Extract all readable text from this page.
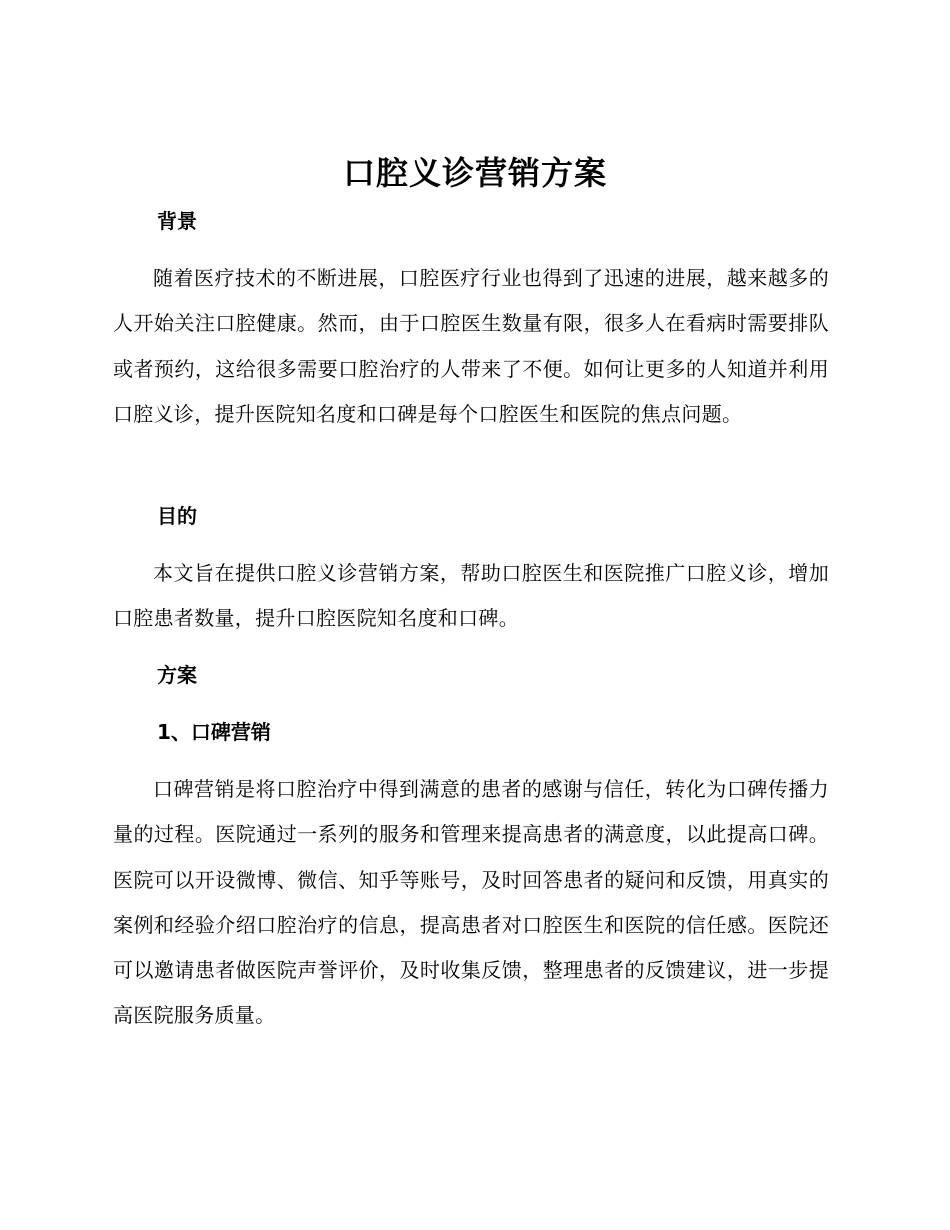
口腔义诊营销方案
背景
随着医疗技术的不断进展，口腔医疗行业也得到了迅速的进展，越来越多的人开始关注口腔健康。然而，由于口腔医生数量有限，很多人在看病时需要排队或者预约，这给很多需要口腔治疗的人带来了不便。如何让更多的人知道并利用口腔义诊，提升医院知名度和口碑是每个口腔医生和医院的焦点问题。
目的
本文旨在提供口腔义诊营销方案，帮助口腔医生和医院推广口腔义诊，增加口腔患者数量，提升口腔医院知名度和口碑。
方案
1、口碑营销
口碑营销是将口腔治疗中得到满意的患者的感谢与信任，转化为口碑传播力量的过程。医院通过一系列的服务和管理来提高患者的满意度，以此提高口碑。医院可以开设微博、微信、知乎等账号，及时回答患者的疑问和反馈，用真实的案例和经验介绍口腔治疗的信息，提高患者对口腔医生和医院的信任感。医院还可以邀请患者做医院声誉评价，及时收集反馈，整理患者的反馈建议，进一步提高医院服务质量。
